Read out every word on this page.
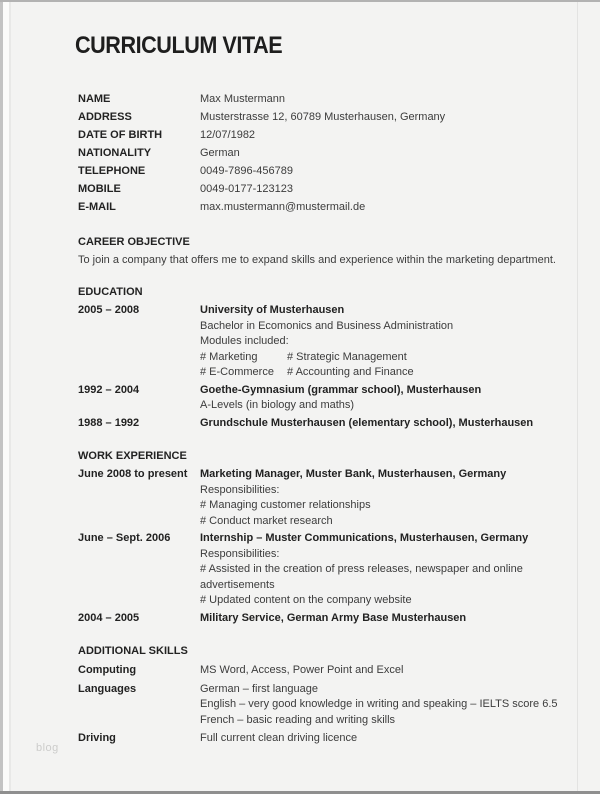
CURRICULUM VITAE
NAME	Max Mustermann
ADDRESS	Musterstrasse 12, 60789 Musterhausen, Germany
DATE OF BIRTH	12/07/1982
NATIONALITY	German
TELEPHONE	0049-7896-456789
MOBILE	0049-0177-123123
E-MAIL	max.mustermann@mustermail.de
CAREER OBJECTIVE
To join a company that offers me to expand skills and experience within the marketing department.
EDUCATION
2005 – 2008	University of Musterhausen
Bachelor in Ecomonics and Business Administration
Modules included:
# Marketing	# Strategic Management
# E-Commerce	# Accounting and Finance
1992 – 2004	Goethe-Gymnasium (grammar school), Musterhausen
A-Levels (in biology and maths)
1988 – 1992	Grundschule Musterhausen (elementary school), Musterhausen
WORK EXPERIENCE
June 2008 to present	Marketing Manager, Muster Bank, Musterhausen, Germany
Responsibilities:
# Managing customer relationships
# Conduct market research
June – Sept. 2006	Internship – Muster Communications, Musterhausen, Germany
Responsibilities:
# Assisted in the creation of press releases, newspaper and online
advertisements
# Updated content on the company website
2004 – 2005	Military Service, German Army Base Musterhausen
ADDITIONAL SKILLS
Computing	MS Word, Access, Power Point and Excel
Languages	German – first language
English – very good knowledge in writing and speaking – IELTS score 6.5
French – basic reading and writing skills
Driving	Full current clean driving licence
blog
